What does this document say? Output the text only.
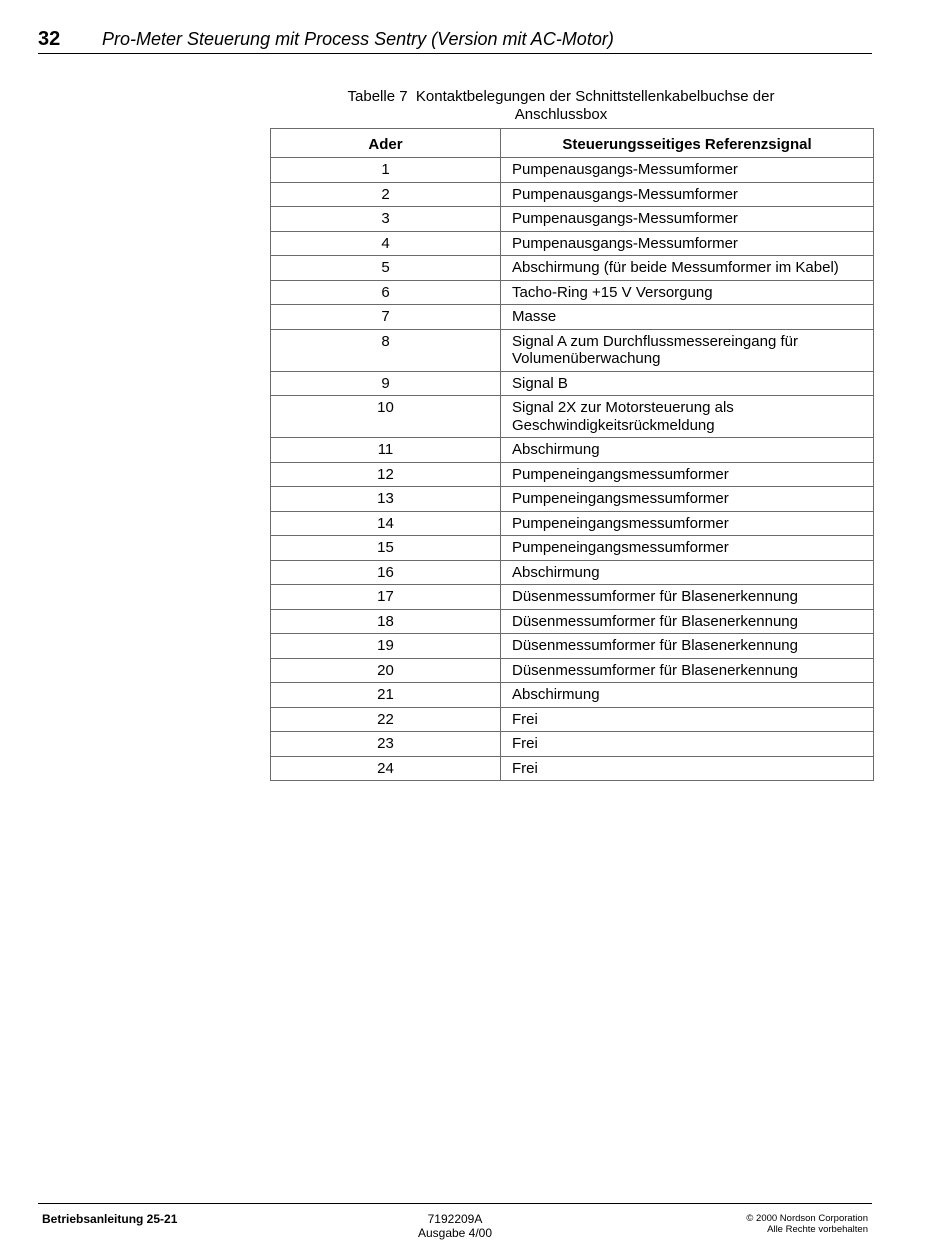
32 Pro-Meter Steuerung mit Process Sentry (Version mit AC-Motor)
Tabelle 7  Kontaktbelegungen der Schnittstellenkabelbuchse der
Anschlussbox
Ader	Steuerungsseitiges Referenzsignal
1	Pumpenausgangs-Messumformer
2	Pumpenausgangs-Messumformer
3	Pumpenausgangs-Messumformer
4	Pumpenausgangs-Messumformer
5	Abschirmung (für beide Messumformer im Kabel)
6	Tacho-Ring +15 V Versorgung
7	Masse
8	Signal A zum Durchflussmessereingang für Volumenüberwachung
9	Signal B
10	Signal 2X zur Motorsteuerung als Geschwindigkeitsrückmeldung
11	Abschirmung
12	Pumpeneingangsmessumformer
13	Pumpeneingangsmessumformer
14	Pumpeneingangsmessumformer
15	Pumpeneingangsmessumformer
16	Abschirmung
17	Düsenmessumformer für Blasenerkennung
18	Düsenmessumformer für Blasenerkennung
19	Düsenmessumformer für Blasenerkennung
20	Düsenmessumformer für Blasenerkennung
21	Abschirmung
22	Frei
23	Frei
24	Frei
Betriebsanleitung 25-21	7192209A
Ausgabe 4/00
© 2000 Nordson Corporation
Alle Rechte vorbehalten
